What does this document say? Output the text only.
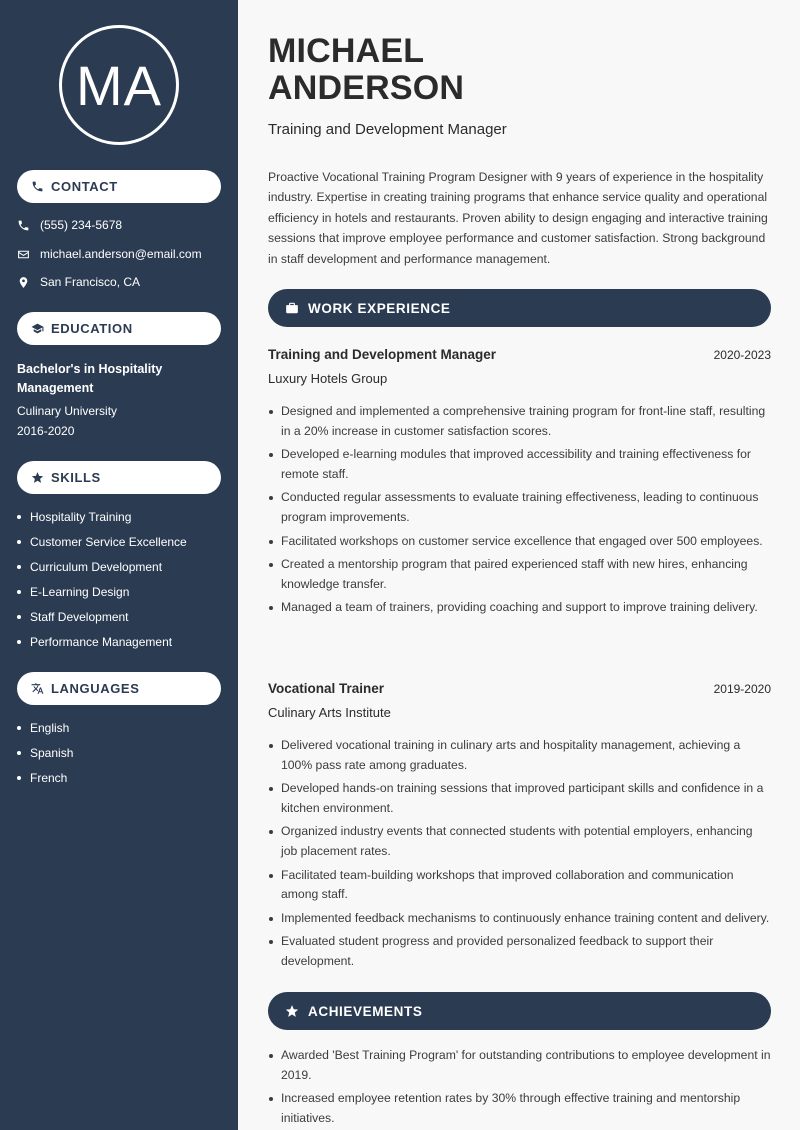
MA
CONTACT
(555) 234-5678
michael.anderson@email.com
San Francisco, CA
EDUCATION
Bachelor's in Hospitality Management
Culinary University
2016-2020
SKILLS
Hospitality Training
Customer Service Excellence
Curriculum Development
E-Learning Design
Staff Development
Performance Management
LANGUAGES
English
Spanish
French
MICHAEL
ANDERSON
Training and Development Manager

Proactive Vocational Training Program Designer with 9 years of experience in the hospitality industry. Expertise in creating training programs that enhance service quality and operational efficiency in hotels and restaurants. Proven ability to design engaging and interactive training sessions that improve employee performance and customer satisfaction. Strong background in staff development and performance management.

WORK EXPERIENCE
Training and Development Manager	2020-2023
Luxury Hotels Group
Designed and implemented a comprehensive training program for front-line staff, resulting in a 20% increase in customer satisfaction scores.
Developed e-learning modules that improved accessibility and training effectiveness for remote staff.
Conducted regular assessments to evaluate training effectiveness, leading to continuous program improvements.
Facilitated workshops on customer service excellence that engaged over 500 employees.
Created a mentorship program that paired experienced staff with new hires, enhancing knowledge transfer.
Managed a team of trainers, providing coaching and support to improve training delivery.
Vocational Trainer	2019-2020
Culinary Arts Institute
Delivered vocational training in culinary arts and hospitality management, achieving a 100% pass rate among graduates.
Developed hands-on training sessions that improved participant skills and confidence in a kitchen environment.
Organized industry events that connected students with potential employers, enhancing job placement rates.
Facilitated team-building workshops that improved collaboration and communication among staff.
Implemented feedback mechanisms to continuously enhance training content and delivery.
Evaluated student progress and provided personalized feedback to support their development.
ACHIEVEMENTS
Awarded 'Best Training Program' for outstanding contributions to employee development in 2019.
Increased employee retention rates by 30% through effective training and mentorship initiatives.
